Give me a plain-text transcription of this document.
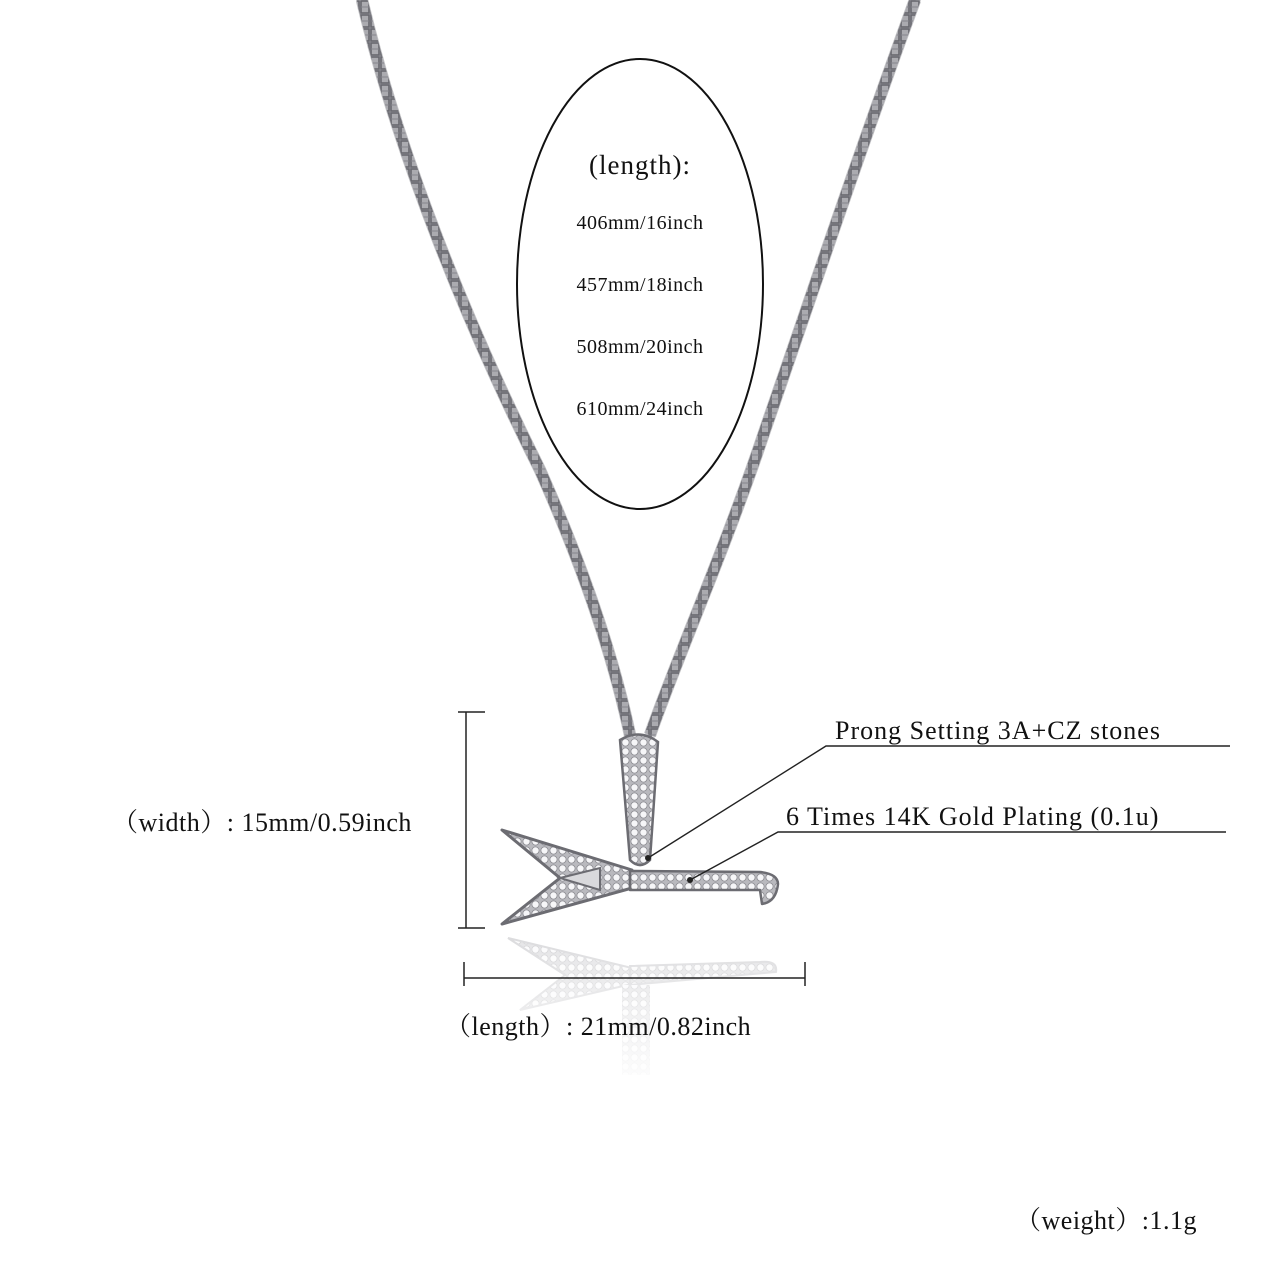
(length):
406mm/16inch
457mm/18inch
508mm/20inch
610mm/24inch
Prong Setting 3A+CZ stones
6 Times 14K Gold Plating (0.1u)
（width）: 15mm/0.59inch
（length）: 21mm/0.82inch
（weight）:1.1g
